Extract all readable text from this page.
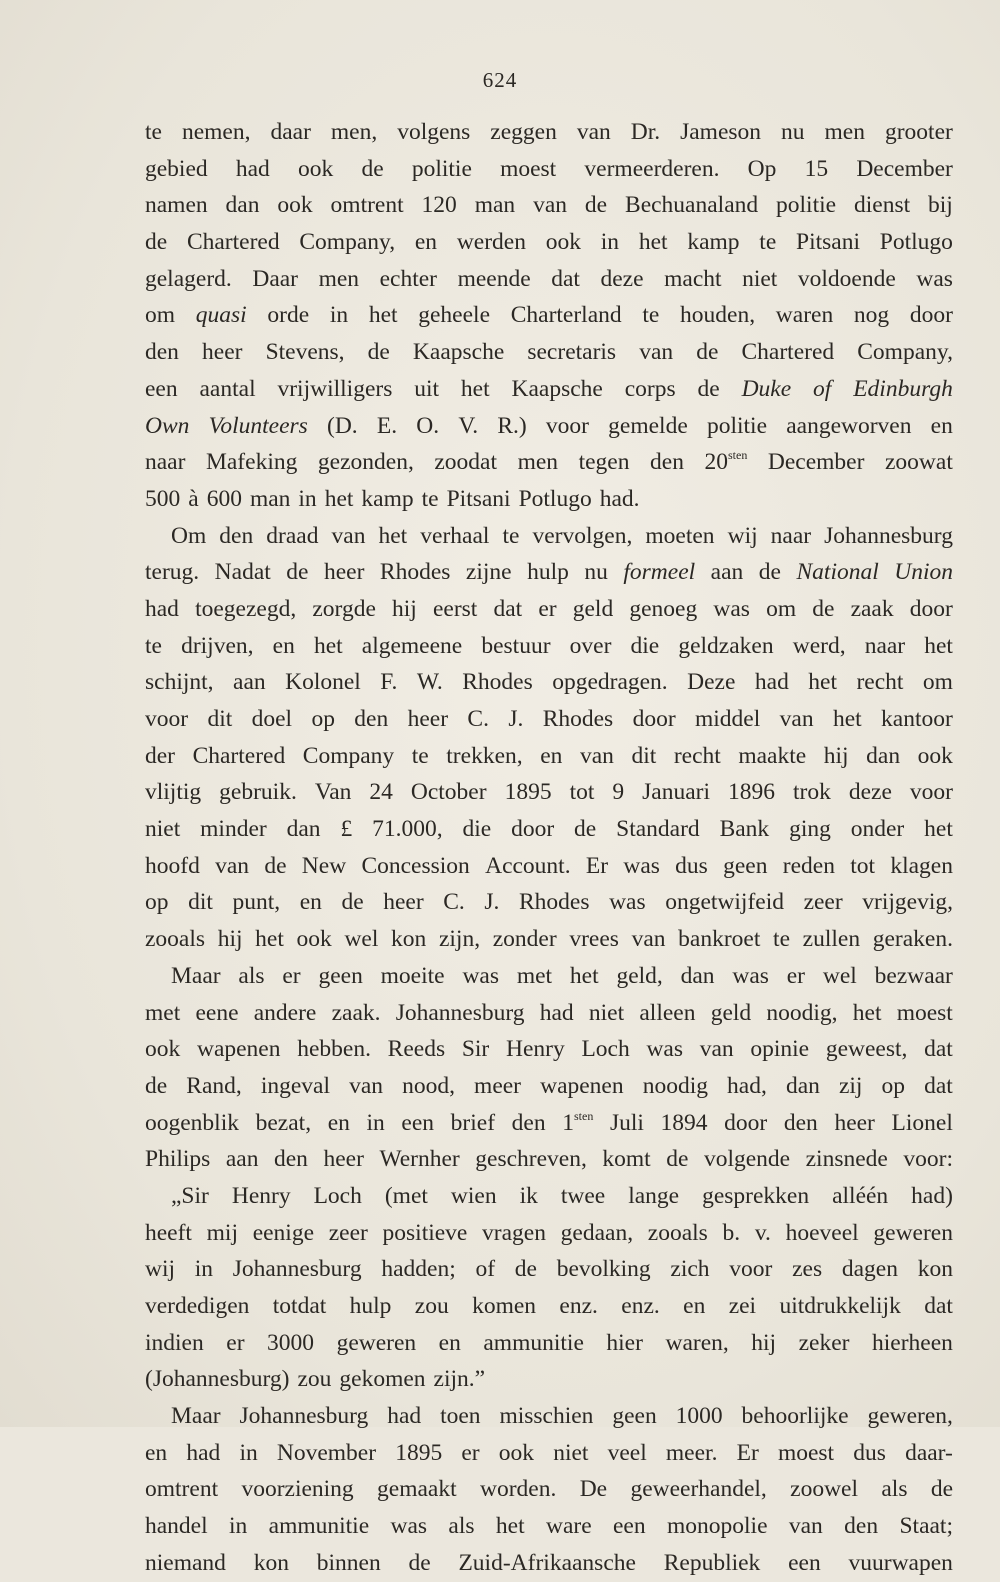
624
te nemen, daar men, volgens zeggen van Dr. Jameson nu men grooter
gebied had ook de politie moest vermeerderen. Op 15 December
namen dan ook omtrent 120 man van de Bechuanaland politie dienst bij
de Chartered Company, en werden ook in het kamp te Pitsani Potlugo
gelagerd. Daar men echter meende dat deze macht niet voldoende was
om quasi orde in het geheele Charterland te houden, waren nog door
den heer Stevens, de Kaapsche secretaris van de Chartered Company,
een aantal vrijwilligers uit het Kaapsche corps de Duke of Edinburgh
Own Volunteers (D. E. O. V. R.) voor gemelde politie aangeworven en
naar Mafeking gezonden, zoodat men tegen den $20^{sten}$ December zoowat
500 à 600 man in het kamp te Pitsani Potlugo had.
Om den draad van het verhaal te vervolgen, moeten wij naar Johannesburg
terug. Nadat de heer Rhodes zijne hulp nu formeel aan de National Union
had toegezegd, zorgde hij eerst dat er geld genoeg was om de zaak door
te drijven, en het algemeene bestuur over die geldzaken werd, naar het
schijnt, aan Kolonel F. W. Rhodes opgedragen. Deze had het recht om
voor dit doel op den heer C. J. Rhodes door middel van het kantoor
der Chartered Company te trekken, en van dit recht maakte hij dan ook
vlijtig gebruik. Van 24 October 1895 tot 9 Januari 1896 trok deze voor
niet minder dan £ 71.000, die door de Standard Bank ging onder het
hoofd van de New Concession Account. Er was dus geen reden tot klagen
op dit punt, en de heer C. J. Rhodes was ongetwijfeid zeer vrijgevig,
zooals hij het ook wel kon zijn, zonder vrees van bankroet te zullen geraken.
Maar als er geen moeite was met het geld, dan was er wel bezwaar
met eene andere zaak. Johannesburg had niet alleen geld noodig, het moest
ook wapenen hebben. Reeds Sir Henry Loch was van opinie geweest, dat
de Rand, ingeval van nood, meer wapenen noodig had, dan zij op dat
oogenblik bezat, en in een brief den $1^{sten}$ Juli 1894 door den heer Lionel
Philips aan den heer Wernher geschreven, komt de volgende zinsnede voor:
„Sir Henry Loch (met wien ik twee lange gesprekken alléén had)
heeft mij eenige zeer positieve vragen gedaan, zooals b. v. hoeveel geweren
wij in Johannesburg hadden; of de bevolking zich voor zes dagen kon
verdedigen totdat hulp zou komen enz. enz. en zei uitdrukkelijk dat
indien er 3000 geweren en ammunitie hier waren, hij zeker hierheen
(Johannesburg) zou gekomen zijn.”
Maar Johannesburg had toen misschien geen 1000 behoorlijke geweren,
en had in November 1895 er ook niet veel meer. Er moest dus daar-
omtrent voorziening gemaakt worden. De geweerhandel, zoowel als de
handel in ammunitie was als het ware een monopolie van den Staat;
niemand kon binnen de Zuid-Afrikaansche Republiek een vuurwapen
